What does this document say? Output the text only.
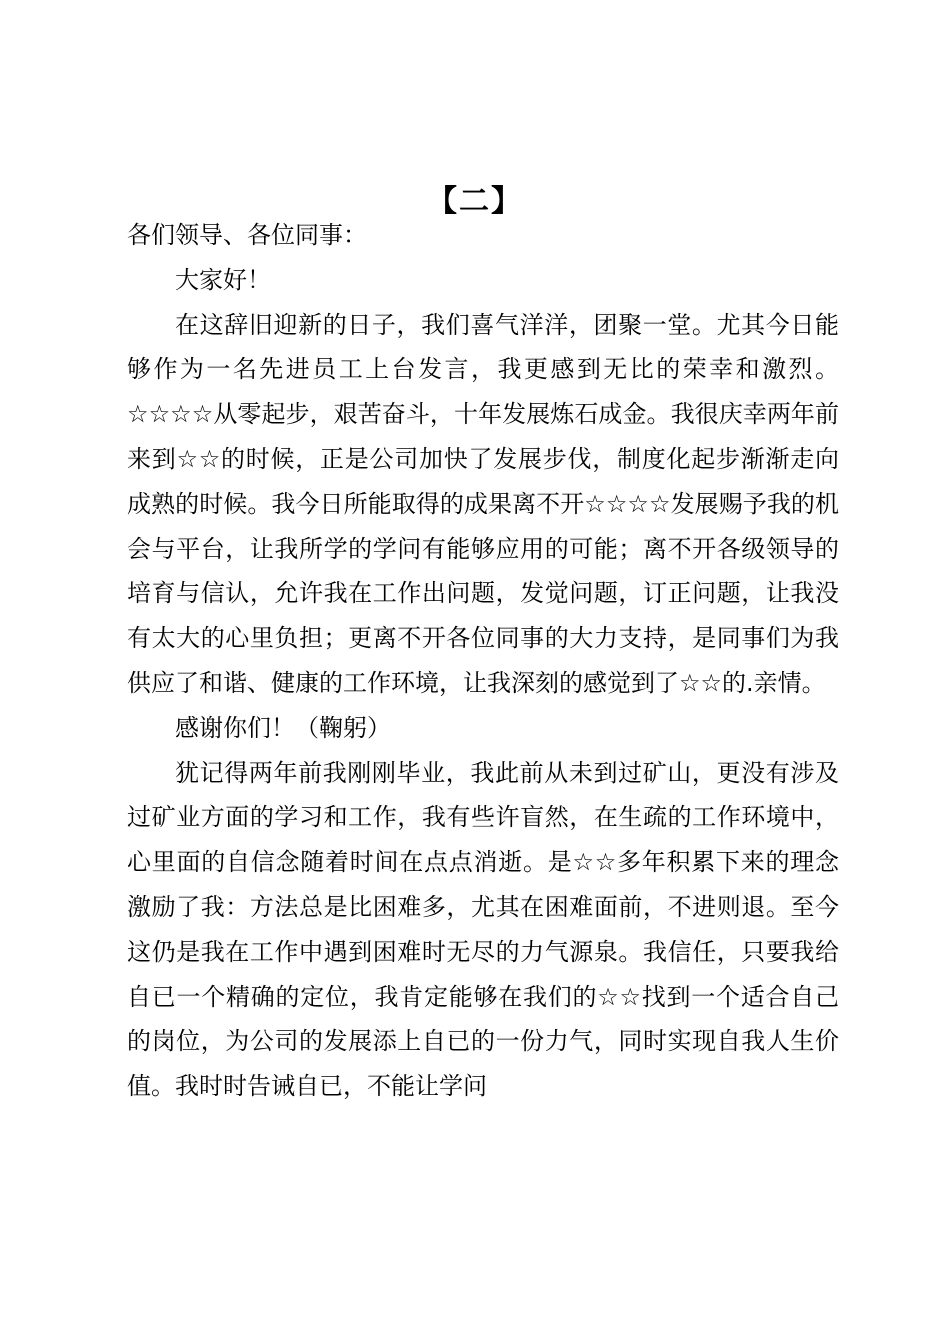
【二】

各们领导、各位同事：

大家好！

在这辞旧迎新的日子，我们喜气洋洋，团聚一堂。尤其今日能够作为一名先进员工上台发言，我更感到无比的荣幸和激烈。☆☆☆☆从零起步，艰苦奋斗，十年发展炼石成金。我很庆幸两年前来到☆☆的时候，正是公司加快了发展步伐，制度化起步渐渐走向成熟的时候。我今日所能取得的成果离不开☆☆☆☆发展赐予我的机会与平台，让我所学的学问有能够应用的可能；离不开各级领导的培育与信认，允许我在工作出问题，发觉问题，订正问题，让我没有太大的心里负担；更离不开各位同事的大力支持，是同事们为我供应了和谐、健康的工作环境，让我深刻的感觉到了☆☆的.亲情。

感谢你们！（鞠躬）

犹记得两年前我刚刚毕业，我此前从未到过矿山，更没有涉及过矿业方面的学习和工作，我有些许盲然，在生疏的工作环境中，心里面的自信念随着时间在点点消逝。是☆☆多年积累下来的理念激励了我：方法总是比困难多，尤其在困难面前，不进则退。至今这仍是我在工作中遇到困难时无尽的力气源泉。我信任，只要我给自已一个精确的定位，我肯定能够在我们的☆☆找到一个适合自己的岗位，为公司的发展添上自已的一份力气，同时实现自我人生价值。我时时告诫自已，不能让学问
